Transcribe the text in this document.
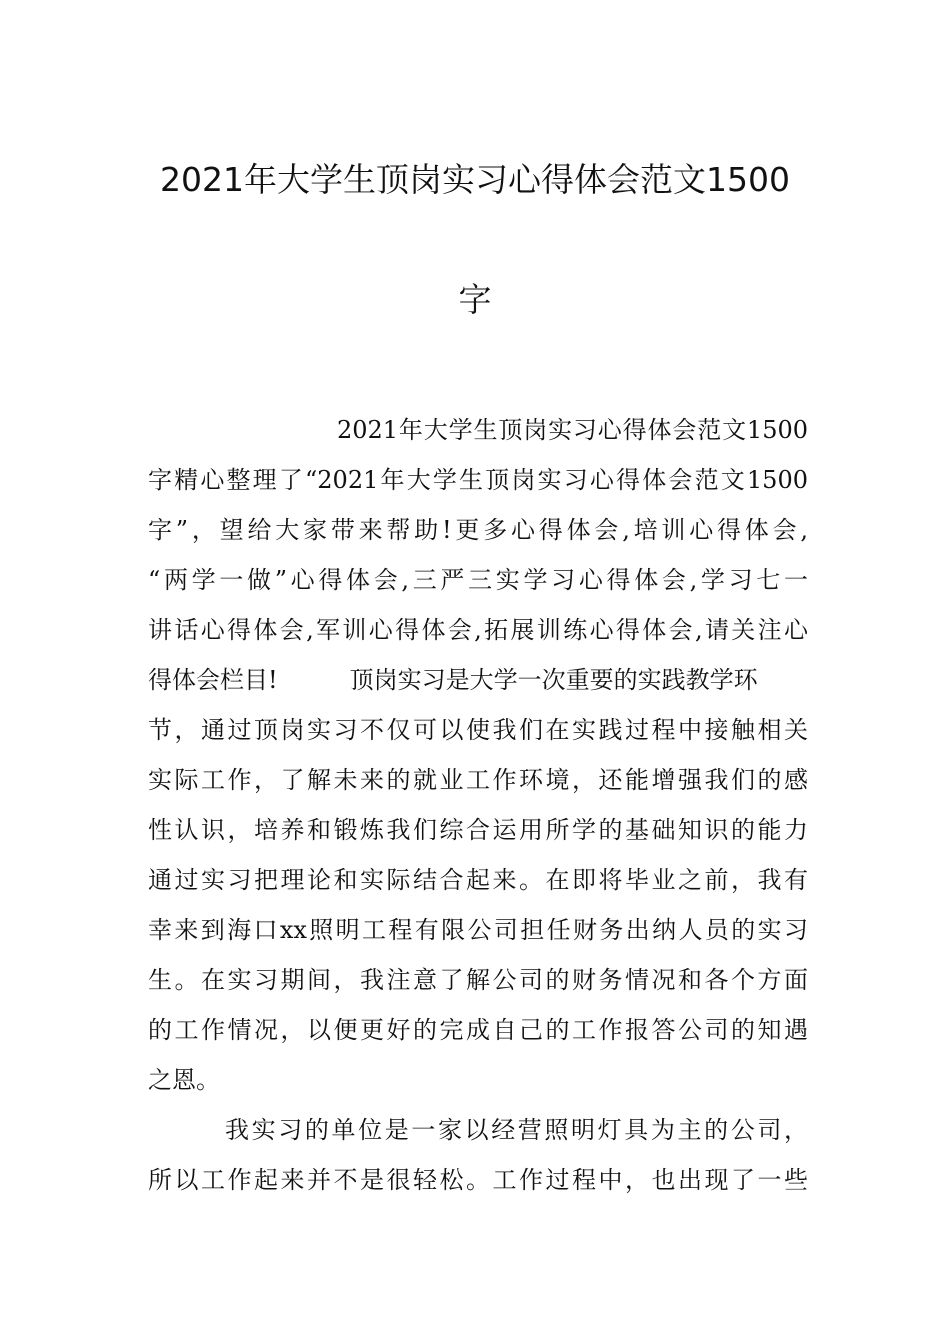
2021年大学生顶岗实习心得体会范文1500
字
2021年大学生顶岗实习心得体会范文1500
字精心整理了“2021年大学生顶岗实习心得体会范文1500
字”，望给大家带来帮助!更多心得体会,培训心得体会,
“两学一做”心得体会,三严三实学习心得体会,学习七一
讲话心得体会,军训心得体会,拓展训练心得体会,请关注心
得体会栏目!	顶岗实习是大学一次重要的实践教学环
节，通过顶岗实习不仅可以使我们在实践过程中接触相关
实际工作，了解未来的就业工作环境，还能增强我们的感
性认识，培养和锻炼我们综合运用所学的基础知识的能力
通过实习把理论和实际结合起来。在即将毕业之前，我有
幸来到海口xx照明工程有限公司担任财务出纳人员的实习
生。在实习期间，我注意了解公司的财务情况和各个方面
的工作情况，以便更好的完成自己的工作报答公司的知遇
之恩。
我实习的单位是一家以经营照明灯具为主的公司，
所以工作起来并不是很轻松。工作过程中，也出现了一些
